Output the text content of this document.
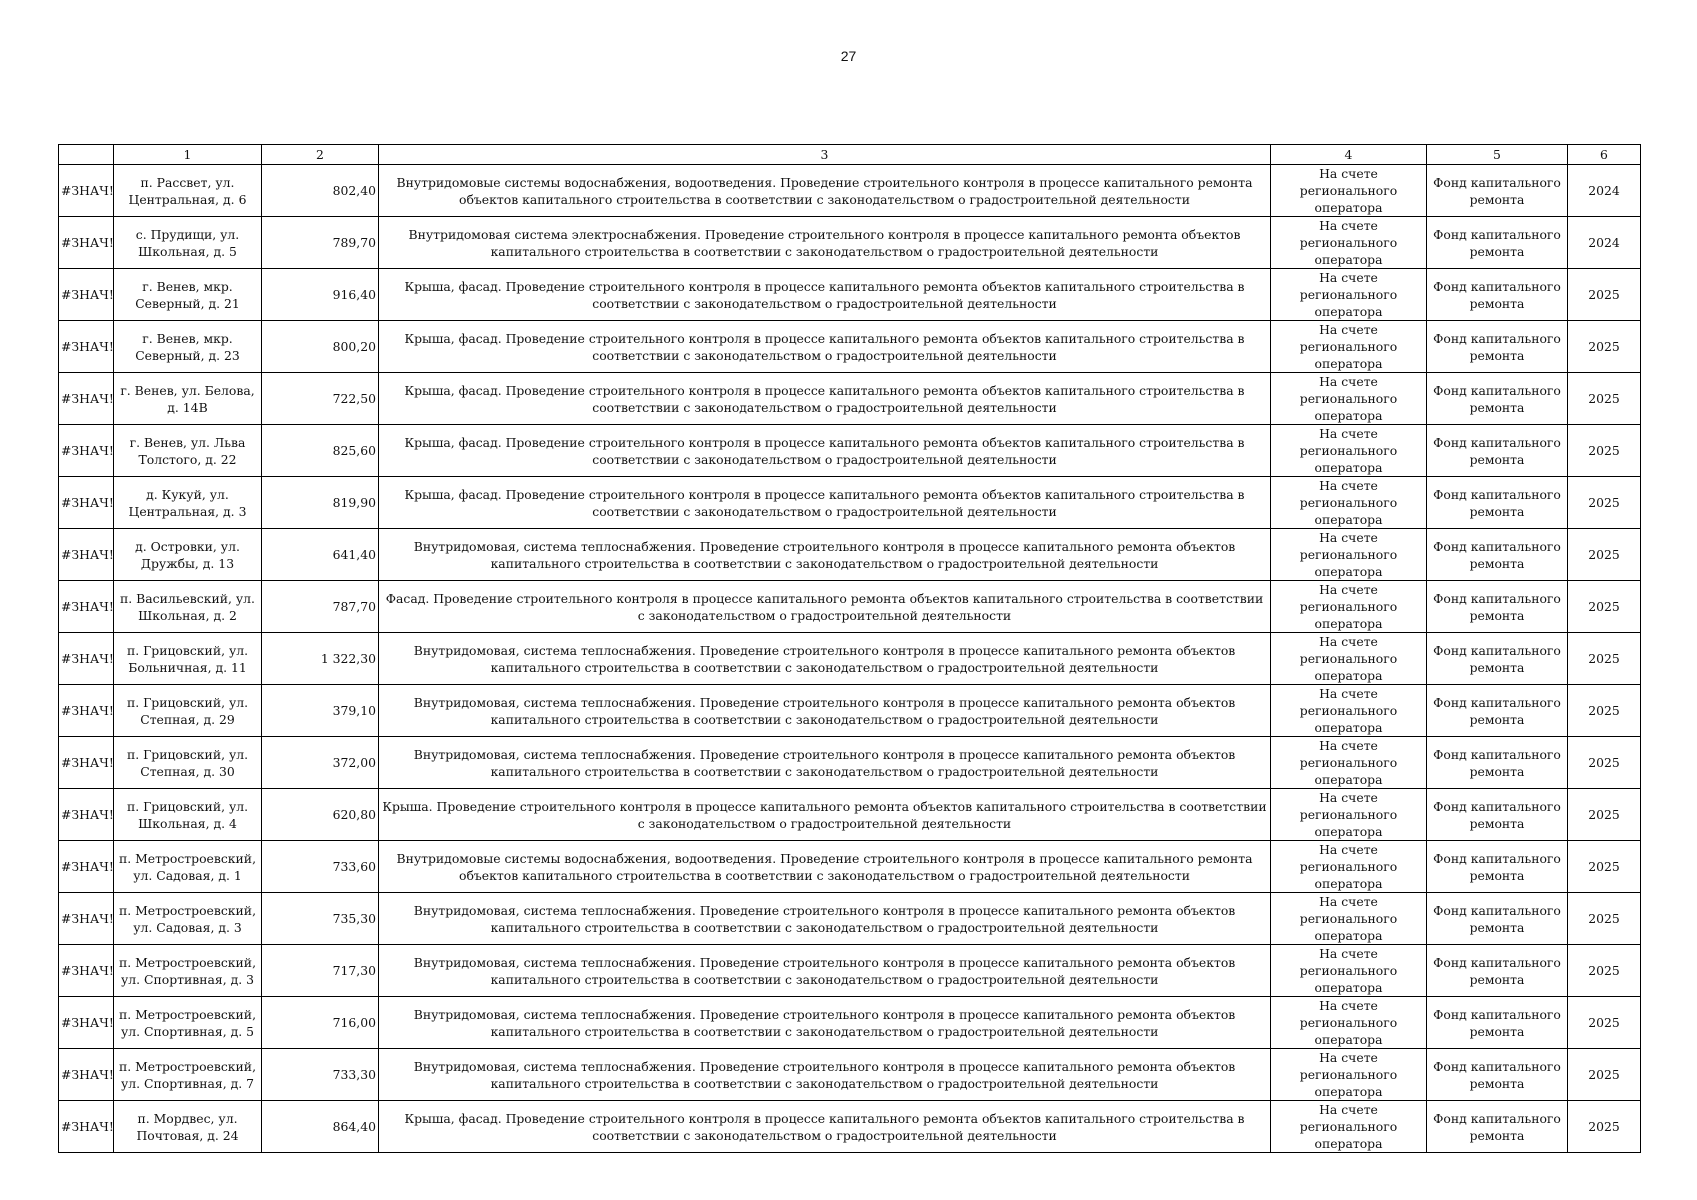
27
	1	2	3	4	5	6
#ЗНАЧ!	п. Рассвет, ул. Центральная, д. 6	802,40	Внутридомовые системы водоснабжения, водоотведения. Проведение строительного контроля в процессе капитального ремонта объектов капитального строительства в соответствии с законодательством о градостроительной деятельности	На счете регионального оператора	Фонд капитального ремонта	2024
#ЗНАЧ!	с. Прудищи, ул. Школьная, д. 5	789,70	Внутридомовая система электроснабжения. Проведение строительного контроля в процессе капитального ремонта объектов капитального строительства в соответствии с законодательством о градостроительной деятельности	На счете регионального оператора	Фонд капитального ремонта	2024
#ЗНАЧ!	г. Венев, мкр. Северный, д. 21	916,40	Крыша, фасад. Проведение строительного контроля в процессе капитального ремонта объектов капитального строительства в соответствии с законодательством о градостроительной деятельности	На счете регионального оператора	Фонд капитального ремонта	2025
#ЗНАЧ!	г. Венев, мкр. Северный, д. 23	800,20	Крыша, фасад. Проведение строительного контроля в процессе капитального ремонта объектов капитального строительства в соответствии с законодательством о градостроительной деятельности	На счете регионального оператора	Фонд капитального ремонта	2025
#ЗНАЧ!	г. Венев, ул. Белова, д. 14В	722,50	Крыша, фасад. Проведение строительного контроля в процессе капитального ремонта объектов капитального строительства в соответствии с законодательством о градостроительной деятельности	На счете регионального оператора	Фонд капитального ремонта	2025
#ЗНАЧ!	г. Венев, ул. Льва Толстого, д. 22	825,60	Крыша, фасад. Проведение строительного контроля в процессе капитального ремонта объектов капитального строительства в соответствии с законодательством о градостроительной деятельности	На счете регионального оператора	Фонд капитального ремонта	2025
#ЗНАЧ!	д. Кукуй, ул. Центральная, д. 3	819,90	Крыша, фасад. Проведение строительного контроля в процессе капитального ремонта объектов капитального строительства в соответствии с законодательством о градостроительной деятельности	На счете регионального оператора	Фонд капитального ремонта	2025
#ЗНАЧ!	д. Островки, ул. Дружбы, д. 13	641,40	Внутридомовая, система теплоснабжения. Проведение строительного контроля в процессе капитального ремонта объектов капитального строительства в соответствии с законодательством о градостроительной деятельности	На счете регионального оператора	Фонд капитального ремонта	2025
#ЗНАЧ!	п. Васильевский, ул. Школьная, д. 2	787,70	Фасад. Проведение строительного контроля в процессе капитального ремонта объектов капитального строительства в соответствии с законодательством о градостроительной деятельности	На счете регионального оператора	Фонд капитального ремонта	2025
#ЗНАЧ!	п. Грицовский, ул. Больничная, д. 11	1 322,30	Внутридомовая, система теплоснабжения. Проведение строительного контроля в процессе капитального ремонта объектов капитального строительства в соответствии с законодательством о градостроительной деятельности	На счете регионального оператора	Фонд капитального ремонта	2025
#ЗНАЧ!	п. Грицовский, ул. Степная, д. 29	379,10	Внутридомовая, система теплоснабжения. Проведение строительного контроля в процессе капитального ремонта объектов капитального строительства в соответствии с законодательством о градостроительной деятельности	На счете регионального оператора	Фонд капитального ремонта	2025
#ЗНАЧ!	п. Грицовский, ул. Степная, д. 30	372,00	Внутридомовая, система теплоснабжения. Проведение строительного контроля в процессе капитального ремонта объектов капитального строительства в соответствии с законодательством о градостроительной деятельности	На счете регионального оператора	Фонд капитального ремонта	2025
#ЗНАЧ!	п. Грицовский, ул. Школьная, д. 4	620,80	Крыша. Проведение строительного контроля в процессе капитального ремонта объектов капитального строительства в соответствии с законодательством о градостроительной деятельности	На счете регионального оператора	Фонд капитального ремонта	2025
#ЗНАЧ!	п. Метростроевский, ул. Садовая, д. 1	733,60	Внутридомовые системы водоснабжения, водоотведения. Проведение строительного контроля в процессе капитального ремонта объектов капитального строительства в соответствии с законодательством о градостроительной деятельности	На счете регионального оператора	Фонд капитального ремонта	2025
#ЗНАЧ!	п. Метростроевский, ул. Садовая, д. 3	735,30	Внутридомовая, система теплоснабжения. Проведение строительного контроля в процессе капитального ремонта объектов капитального строительства в соответствии с законодательством о градостроительной деятельности	На счете регионального оператора	Фонд капитального ремонта	2025
#ЗНАЧ!	п. Метростроевский, ул. Спортивная, д. 3	717,30	Внутридомовая, система теплоснабжения. Проведение строительного контроля в процессе капитального ремонта объектов капитального строительства в соответствии с законодательством о градостроительной деятельности	На счете регионального оператора	Фонд капитального ремонта	2025
#ЗНАЧ!	п. Метростроевский, ул. Спортивная, д. 5	716,00	Внутридомовая, система теплоснабжения. Проведение строительного контроля в процессе капитального ремонта объектов капитального строительства в соответствии с законодательством о градостроительной деятельности	На счете регионального оператора	Фонд капитального ремонта	2025
#ЗНАЧ!	п. Метростроевский, ул. Спортивная, д. 7	733,30	Внутридомовая, система теплоснабжения. Проведение строительного контроля в процессе капитального ремонта объектов капитального строительства в соответствии с законодательством о градостроительной деятельности	На счете регионального оператора	Фонд капитального ремонта	2025
#ЗНАЧ!	п. Мордвес, ул. Почтовая, д. 24	864,40	Крыша, фасад. Проведение строительного контроля в процессе капитального ремонта объектов капитального строительства в соответствии с законодательством о градостроительной деятельности	На счете регионального оператора	Фонд капитального ремонта	2025
